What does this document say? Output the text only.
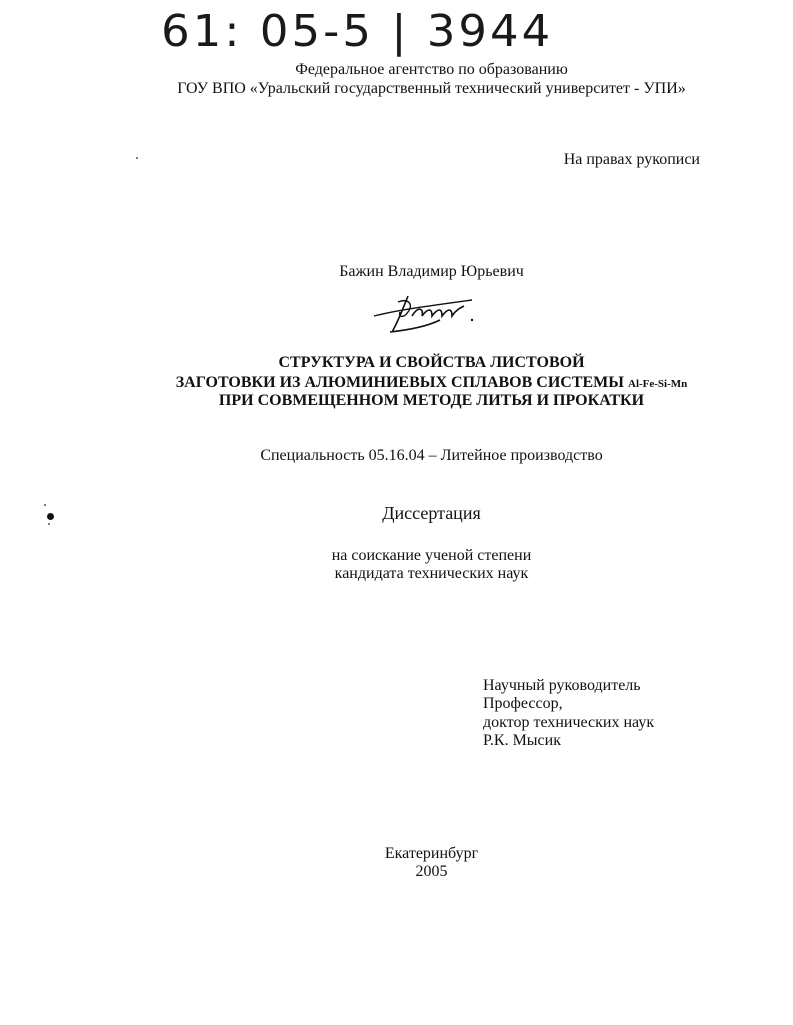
61: 05-5 | 3944
Федеральное агентство по образованию
ГОУ ВПО «Уральский государственный технический университет - УПИ»
На правах рукописи
Бажин Владимир Юрьевич
СТРУКТУРА И СВОЙСТВА ЛИСТОВОЙ
ЗАГОТОВКИ ИЗ АЛЮМИНИЕВЫХ СПЛАВОВ СИСТЕМЫ Al-Fe-Si-Mn
ПРИ СОВМЕЩЕННОМ МЕТОДЕ ЛИТЬЯ И ПРОКАТКИ
Специальность 05.16.04 – Литейное производство
Диссертация
на соискание ученой степени
кандидата технических наук
Научный руководитель
Профессор,
доктор технических наук
Р.К. Мысик
Екатеринбург
2005
